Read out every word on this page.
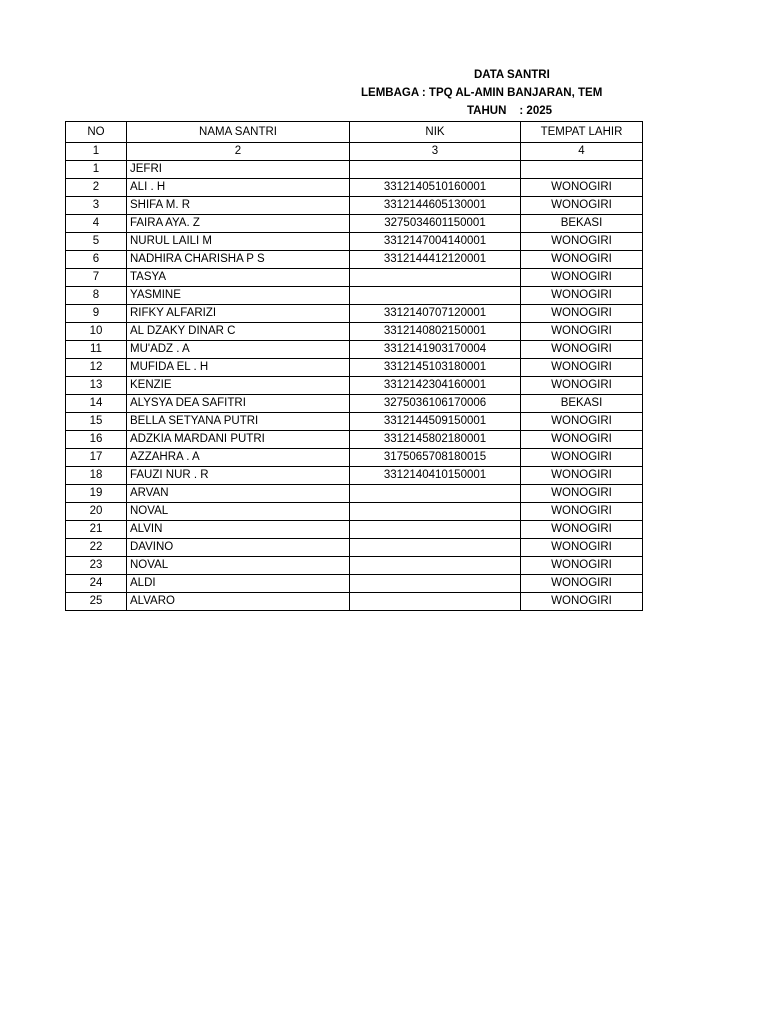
DATA SANTRI
LEMBAGA : TPQ AL-AMIN BANJARAN, TEM
TAHUN : 2025
NO	NAMA SANTRI	NIK	TEMPAT LAHIR
1	2	3	4
1	JEFRI		
2	ALI . H	3312140510160001	WONOGIRI
3	SHIFA M. R	3312144605130001	WONOGIRI
4	FAIRA AYA. Z	3275034601150001	BEKASI
5	NURUL LAILI M	3312147004140001	WONOGIRI
6	NADHIRA CHARISHA P S	3312144412120001	WONOGIRI
7	TASYA		WONOGIRI
8	YASMINE		WONOGIRI
9	RIFKY ALFARIZI	3312140707120001	WONOGIRI
10	AL DZAKY DINAR C	3312140802150001	WONOGIRI
11	MU'ADZ . A	3312141903170004	WONOGIRI
12	MUFIDA EL . H	3312145103180001	WONOGIRI
13	KENZIE	3312142304160001	WONOGIRI
14	ALYSYA DEA SAFITRI	3275036106170006	BEKASI
15	BELLA SETYANA PUTRI	3312144509150001	WONOGIRI
16	ADZKIA MARDANI PUTRI	3312145802180001	WONOGIRI
17	AZZAHRA . A	3175065708180015	WONOGIRI
18	FAUZI NUR . R	3312140410150001	WONOGIRI
19	ARVAN		WONOGIRI
20	NOVAL		WONOGIRI
21	ALVIN		WONOGIRI
22	DAVINO		WONOGIRI
23	NOVAL		WONOGIRI
24	ALDI		WONOGIRI
25	ALVARO		WONOGIRI
